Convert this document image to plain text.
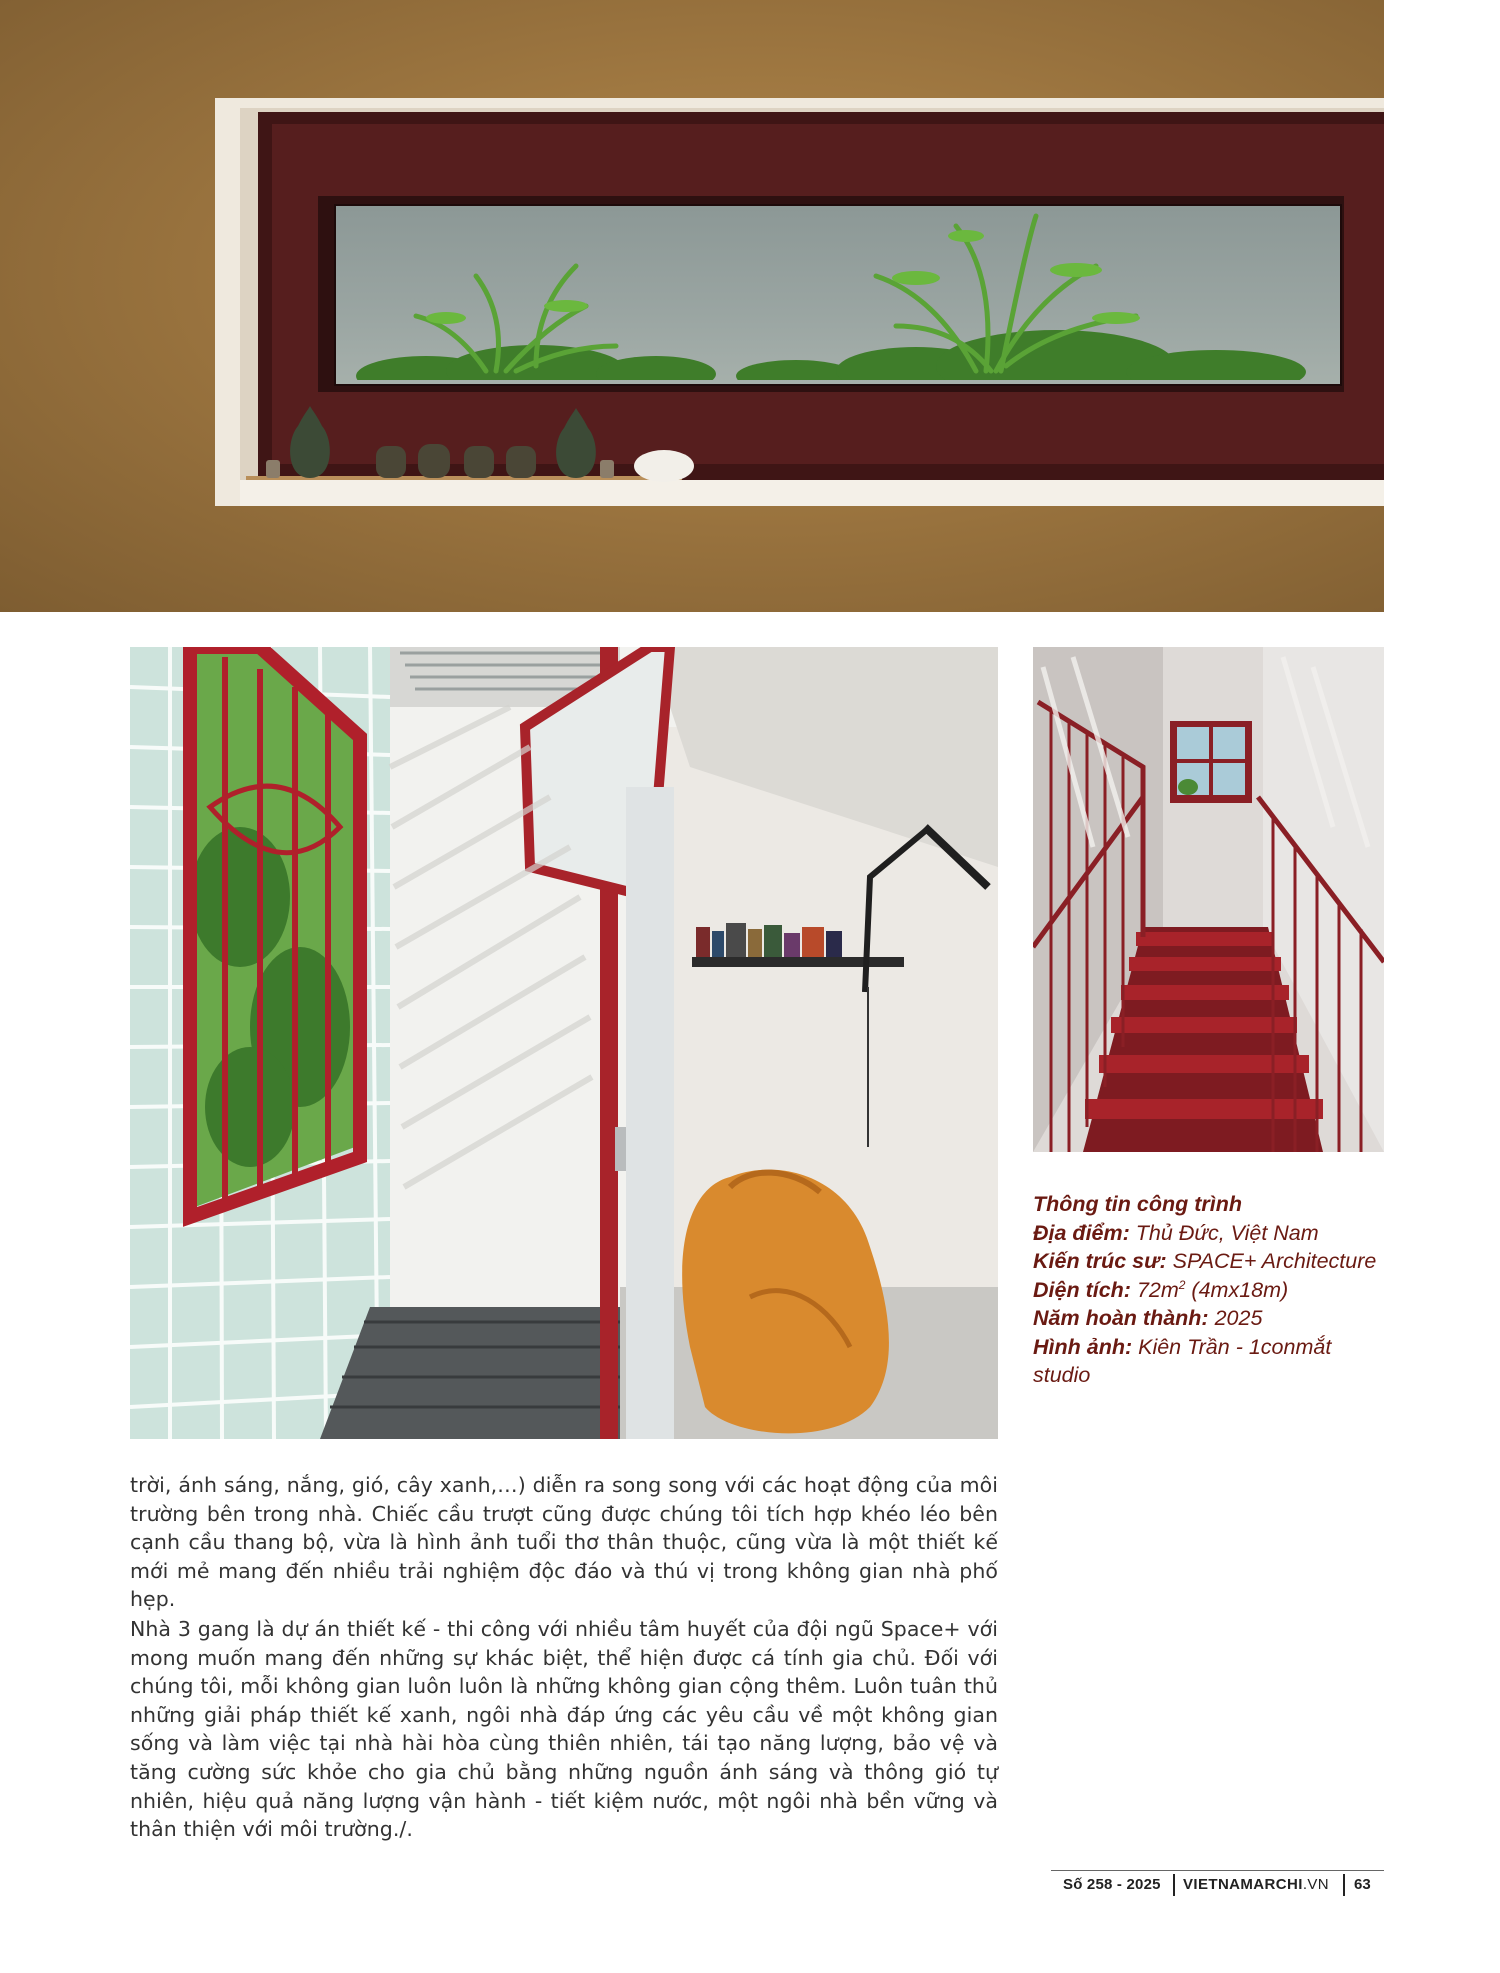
Thông tin công trình
Địa điểm: Thủ Đức, Việt Nam
Kiến trúc sư: SPACE+ Architecture
Diện tích: $72m^2$ (4mx18m)
Năm hoàn thành: 2025
Hình ảnh: Kiên Trần - 1conmắt studio
trời, ánh sáng, nắng, gió, cây xanh,…) diễn ra song song với các hoạt động của môi trường bên trong nhà. Chiếc cầu trượt cũng được chúng tôi tích hợp khéo léo bên cạnh cầu thang bộ, vừa là hình ảnh tuổi thơ thân thuộc, cũng vừa là một thiết kế mới mẻ mang đến nhiều trải nghiệm độc đáo và thú vị trong không gian nhà phố hẹp.
Nhà 3 gang là dự án thiết kế - thi công với nhiều tâm huyết của đội ngũ Space+ với mong muốn mang đến những sự khác biệt, thể hiện được cá tính gia chủ. Đối với chúng tôi, mỗi không gian luôn luôn là những không gian cộng thêm. Luôn tuân thủ những giải pháp thiết kế xanh, ngôi nhà đáp ứng các yêu cầu về một không gian sống và làm việc tại nhà hài hòa cùng thiên nhiên, tái tạo năng lượng, bảo vệ và tăng cường sức khỏe cho gia chủ bằng những nguồn ánh sáng và thông gió tự nhiên, hiệu quả năng lượng vận hành - tiết kiệm nước, một ngôi nhà bền vững và thân thiện với môi trường./.
Số 258 - 2025 VIETNAMARCHI.VN 63
